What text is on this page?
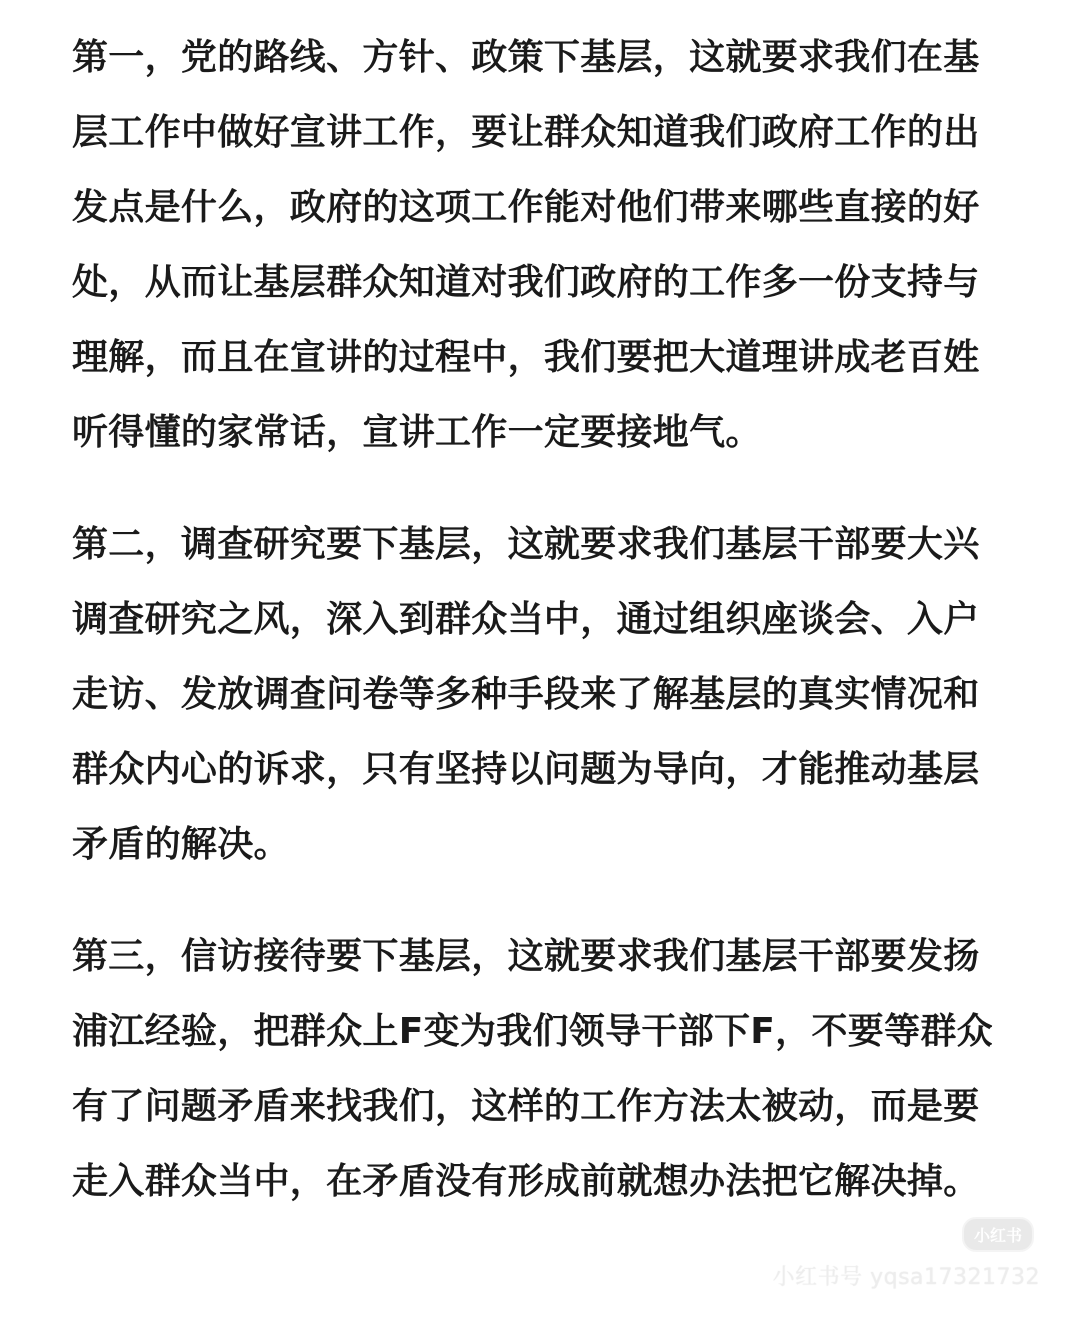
第一，党的路线、方针、政策下基层，这就要求我们在基层工作中做好宣讲工作，要让群众知道我们政府工作的出发点是什么，政府的这项工作能对他们带来哪些直接的好处，从而让基层群众知道对我们政府的工作多一份支持与理解，而且在宣讲的过程中，我们要把大道理讲成老百姓听得懂的家常话，宣讲工作一定要接地气。

第二，调查研究要下基层，这就要求我们基层干部要大兴调查研究之风，深入到群众当中，通过组织座谈会、入户走访、发放调查问卷等多种手段来了解基层的真实情况和群众内心的诉求，只有坚持以问题为导向，才能推动基层矛盾的解决。

第三，信访接待要下基层，这就要求我们基层干部要发扬浦江经验，把群众上F变为我们领导干部下F，不要等群众有了问题矛盾来找我们，这样的工作方法太被动，而是要走入群众当中，在矛盾没有形成前就想办法把它解决掉。

小红书
小红书号 yqsa17321732
